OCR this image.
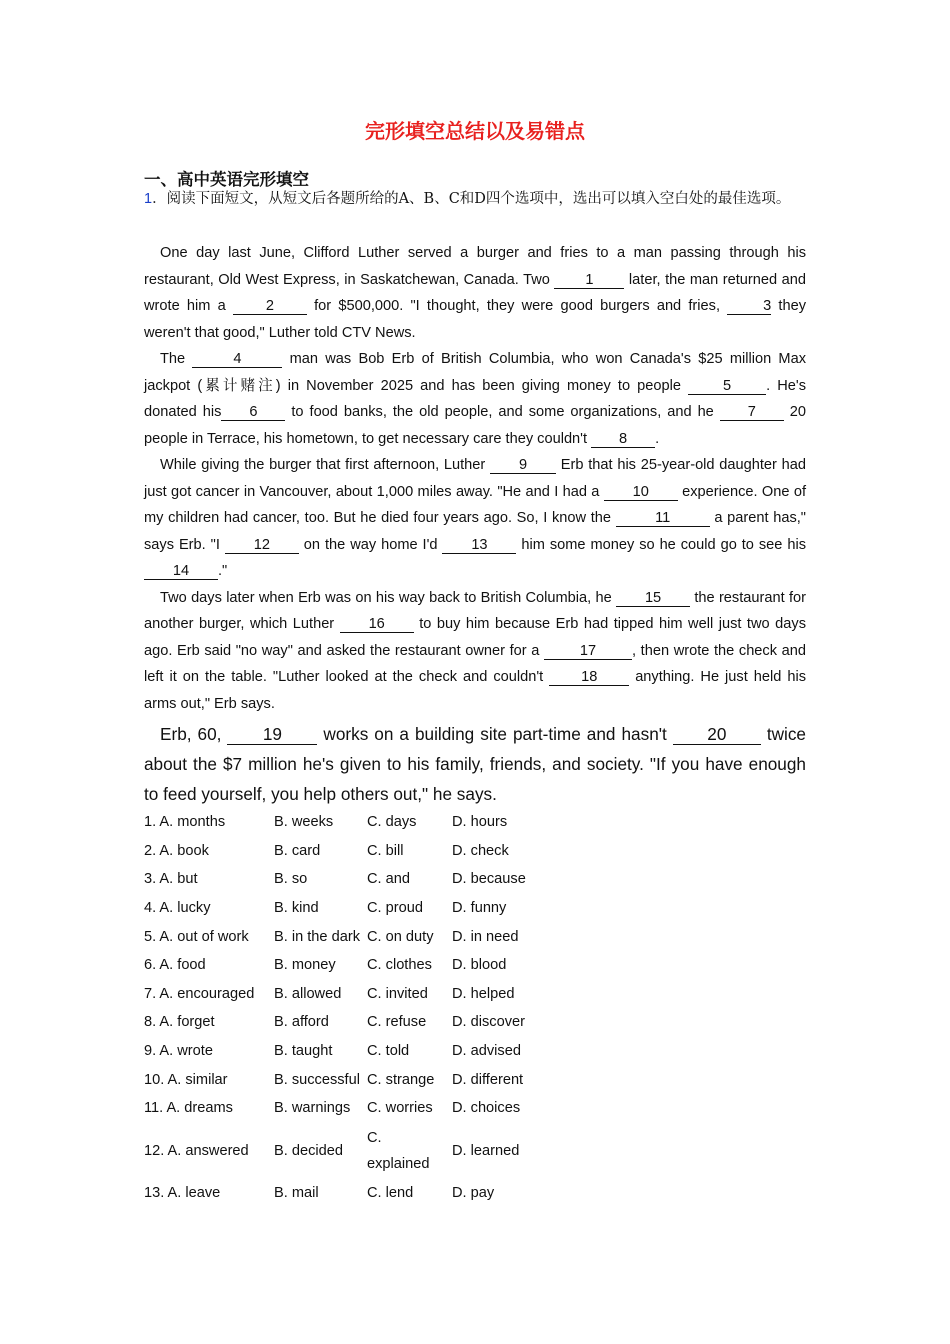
完形填空总结以及易错点
一、高中英语完形填空
1．阅读下面短文，从短文后各题所给的A、B、C和D四个选项中，选出可以填入空白处的最佳选项。

One day last June, Clifford Luther served a burger and fries to a man passing through his restaurant, Old West Express, in Saskatchewan, Canada. Two 1 later, the man returned and wrote him a 2 for $500,000. "I thought, they were good burgers and fries, 3 they weren't that good," Luther told CTV News.

The	4	man was Bob Erb of British Columbia, who won Canada's $25 million Max jackpot (累计赌注) in November 2025 and has been giving money to people 5 . He's donated his 6 to food banks, the old people, and some organizations, and he 7 20 people in Terrace, his hometown, to get necessary care they couldn't 8 .

While giving the burger that first afternoon, Luther 9 Erb that his 25-year-old daughter had just got cancer in Vancouver, about 1,000 miles away. "He and I had a 10 experience. One of my children had cancer, too. But he died four years ago. So, I know the	11	a parent has," says Erb. "I 12 on the way home I'd 13 him some money so he could go to see his 14 ."

Two days later when Erb was on his way back to British Columbia, he 15 the restaurant for another burger, which Luther 16 to buy him because Erb had tipped him well just two days ago. Erb said "no way" and asked the restaurant owner for a 17 , then wrote the check and left it on the table. "Luther looked at the check and couldn't 18 anything. He just held his arms out," Erb says.

Erb, 60, 19 works on a building site part-time and hasn't 20 twice about the $7 million he's given to his family, friends, and society. "If you have enough to feed yourself, you help others out," he says.

1. A. months	B. weeks	C. days	D. hours
2. A. book	B. card	C. bill	D. check
3. A. but	B. so	C. and	D. because
4. A. lucky	B. kind	C. proud	D. funny
5. A. out of work	B. in the dark	C. on duty	D. in need
6. A. food	B. money	C. clothes	D. blood
7. A. encouraged	B. allowed	C. invited	D. helped
8. A. forget	B. afford	C. refuse	D. discover
9. A. wrote	B. taught	C. told	D. advised
10. A. similar	B. successful	C. strange	D. different
11. A. dreams	B. warnings	C. worries	D. choices
12. A. answered	B. decided	C. explained	D. learned
13. A. leave	B. mail	C. lend	D. pay
